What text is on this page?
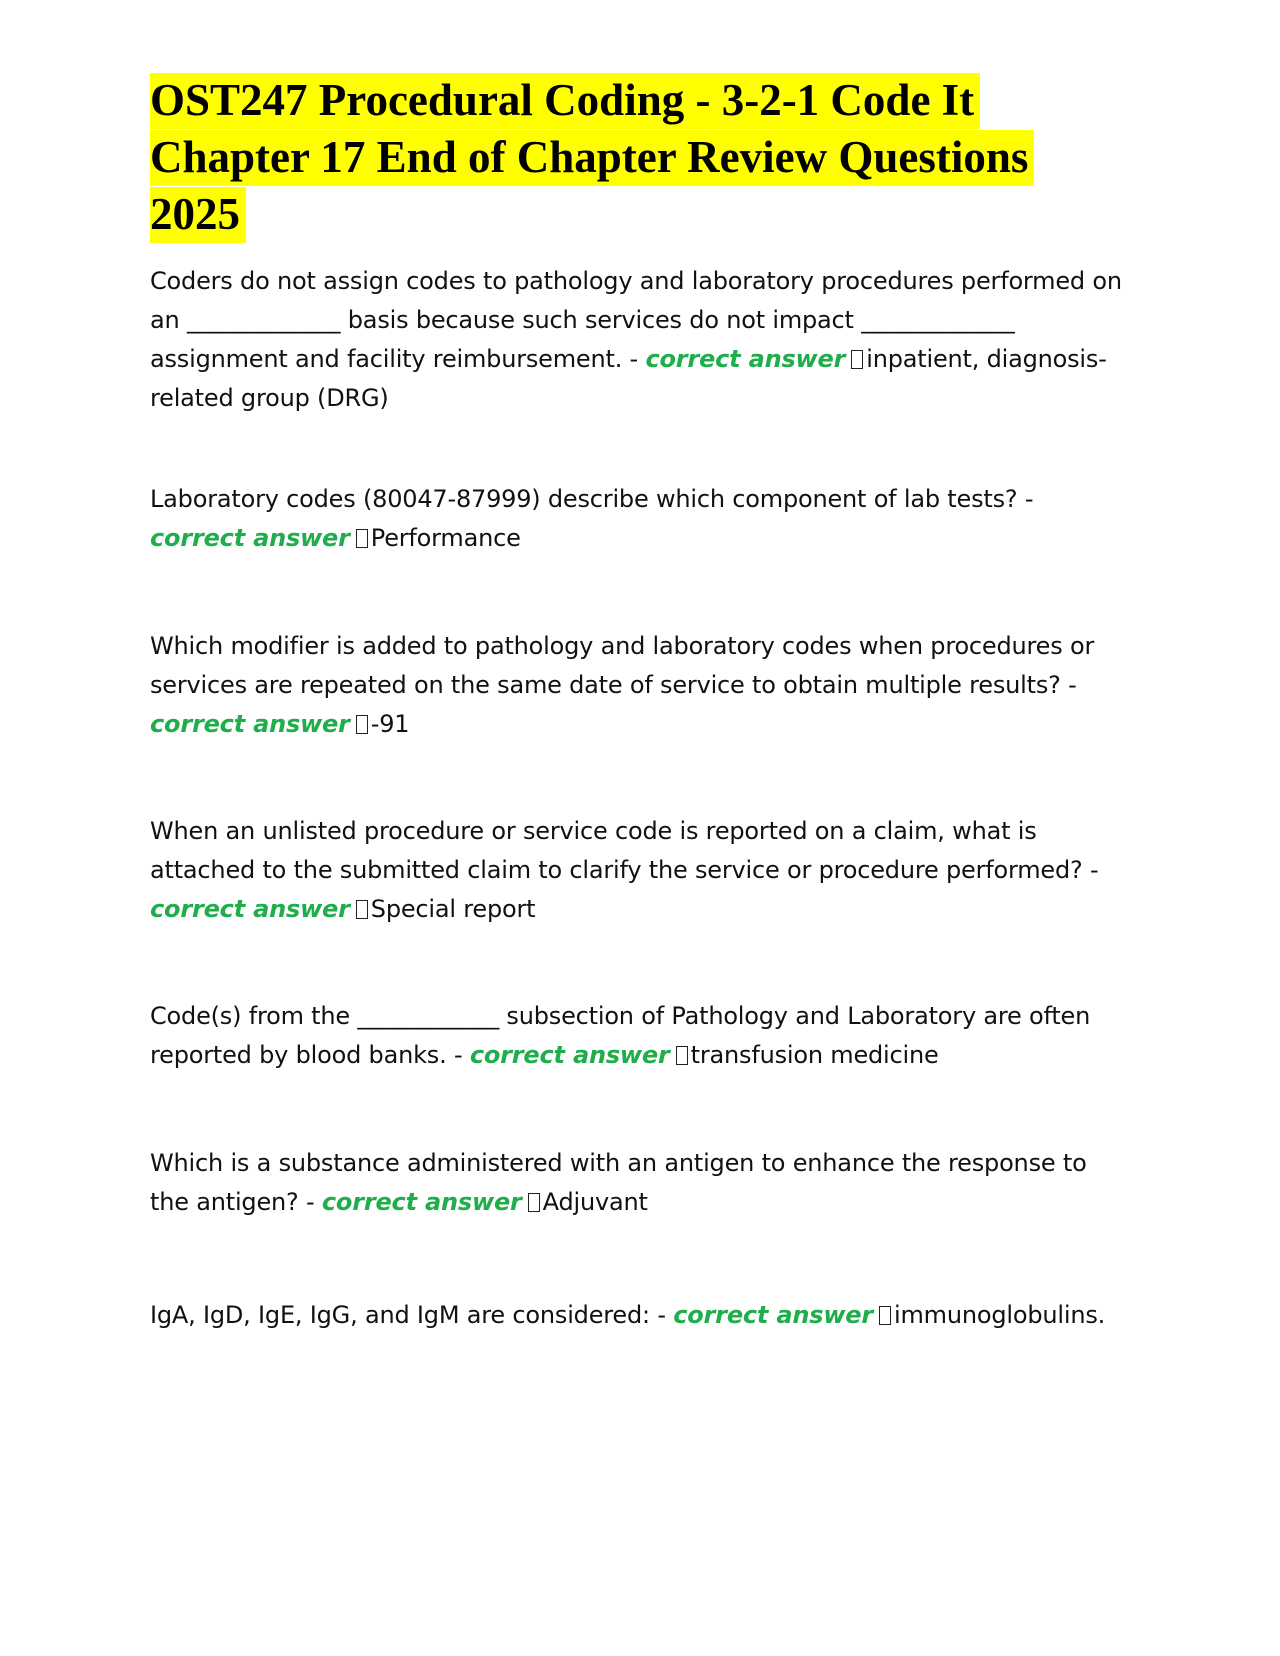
OST247 Procedural Coding - 3-2-1 Code It Chapter 17 End of Chapter Review Questions 2025

Coders do not assign codes to pathology and laboratory procedures performed on an _____________ basis because such services do not impact _____________ assignment and facility reimbursement. - correct answer inpatient, diagnosis-related group (DRG)

Laboratory codes (80047-87999) describe which component of lab tests? - correct answer Performance

Which modifier is added to pathology and laboratory codes when procedures or services are repeated on the same date of service to obtain multiple results? - correct answer -91

When an unlisted procedure or service code is reported on a claim, what is attached to the submitted claim to clarify the service or procedure performed? - correct answer Special report

Code(s) from the ____________ subsection of Pathology and Laboratory are often reported by blood banks. - correct answer transfusion medicine

Which is a substance administered with an antigen to enhance the response to the antigen? - correct answer Adjuvant

IgA, IgD, IgE, IgG, and IgM are considered: - correct answer immunoglobulins.
